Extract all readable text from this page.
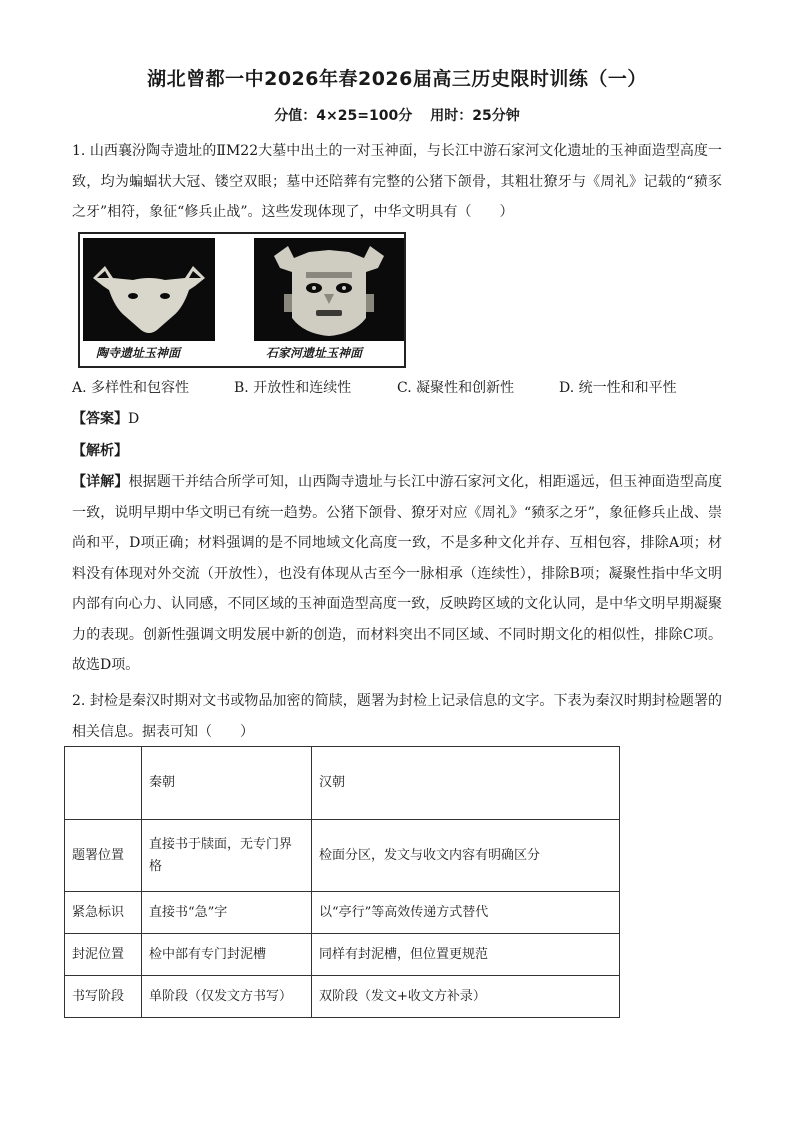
湖北曾都一中2026年春2026届高三历史限时训练（一）
分值：4×25=100分 用时：25分钟
1. 山西襄汾陶寺遗址的ⅡM22大墓中出土的一对玉神面，与长江中游石家河文化遗址的玉神面造型高度一致，均为蝙蝠状大冠、镂空双眼；墓中还陪葬有完整的公猪下颌骨，其粗壮獠牙与《周礼》记载的“豮豕之牙”相符，象征“修兵止战”。这些发现体现了，中华文明具有（　　）
陶寺遗址玉神面	石家河遗址玉神面
A. 多样性和包容性	B. 开放性和连续性	C. 凝聚性和创新性	D. 统一性和和平性
【答案】D
【解析】
【详解】根据题干并结合所学可知，山西陶寺遗址与长江中游石家河文化，相距遥远，但玉神面造型高度一致，说明早期中华文明已有统一趋势。公猪下颌骨、獠牙对应《周礼》“豮豕之牙”，象征修兵止战、崇尚和平，D项正确；材料强调的是不同地域文化高度一致，不是多种文化并存、互相包容，排除A项；材料没有体现对外交流（开放性），也没有体现从古至今一脉相承（连续性），排除B项；凝聚性指中华文明内部有向心力、认同感，不同区域的玉神面造型高度一致，反映跨区域的文化认同，是中华文明早期凝聚力的表现。创新性强调文明发展中新的创造，而材料突出不同区域、不同时期文化的相似性，排除C项。故选D项。
2. 封检是秦汉时期对文书或物品加密的简牍，题署为封检上记录信息的文字。下表为秦汉时期封检题署的相关信息。据表可知（　　）
	秦朝	汉朝
题署位置	直接书于牍面，无专门界格	检面分区，发文与收文内容有明确区分
紧急标识	直接书“急”字	以“亭行”等高效传递方式替代
封泥位置	检中部有专门封泥槽	同样有封泥槽，但位置更规范
书写阶段	单阶段（仅发文方书写）	双阶段（发文+收文方补录）
